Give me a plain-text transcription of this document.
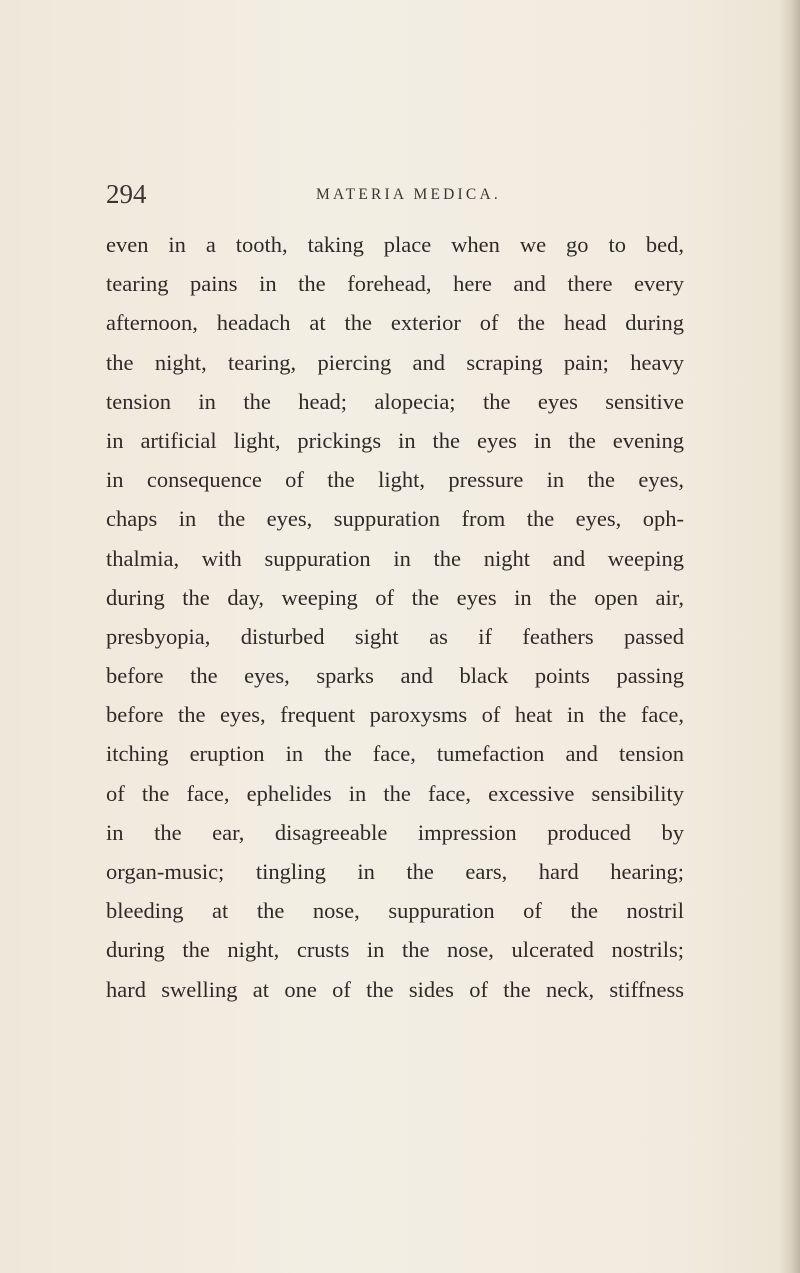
294	MATERIA MEDICA.
even in a tooth, taking place when we go to bed,
tearing pains in the forehead, here and there every
afternoon, headach at the exterior of the head during
the night, tearing, piercing and scraping pain; heavy
tension in the head; alopecia; the eyes sensitive
in artificial light, prickings in the eyes in the evening
in consequence of the light, pressure in the eyes,
chaps in the eyes, suppuration from the eyes, oph-
thalmia, with suppuration in the night and weeping
during the day, weeping of the eyes in the open air,
presbyopia, disturbed sight as if feathers passed
before the eyes, sparks and black points passing
before the eyes, frequent paroxysms of heat in the face,
itching eruption in the face, tumefaction and tension
of the face, ephelides in the face, excessive sensibility
in the ear, disagreeable impression produced by
organ-music; tingling in the ears, hard hearing;
bleeding at the nose, suppuration of the nostril
during the night, crusts in the nose, ulcerated nostrils;
hard swelling at one of the sides of the neck, stiffness
